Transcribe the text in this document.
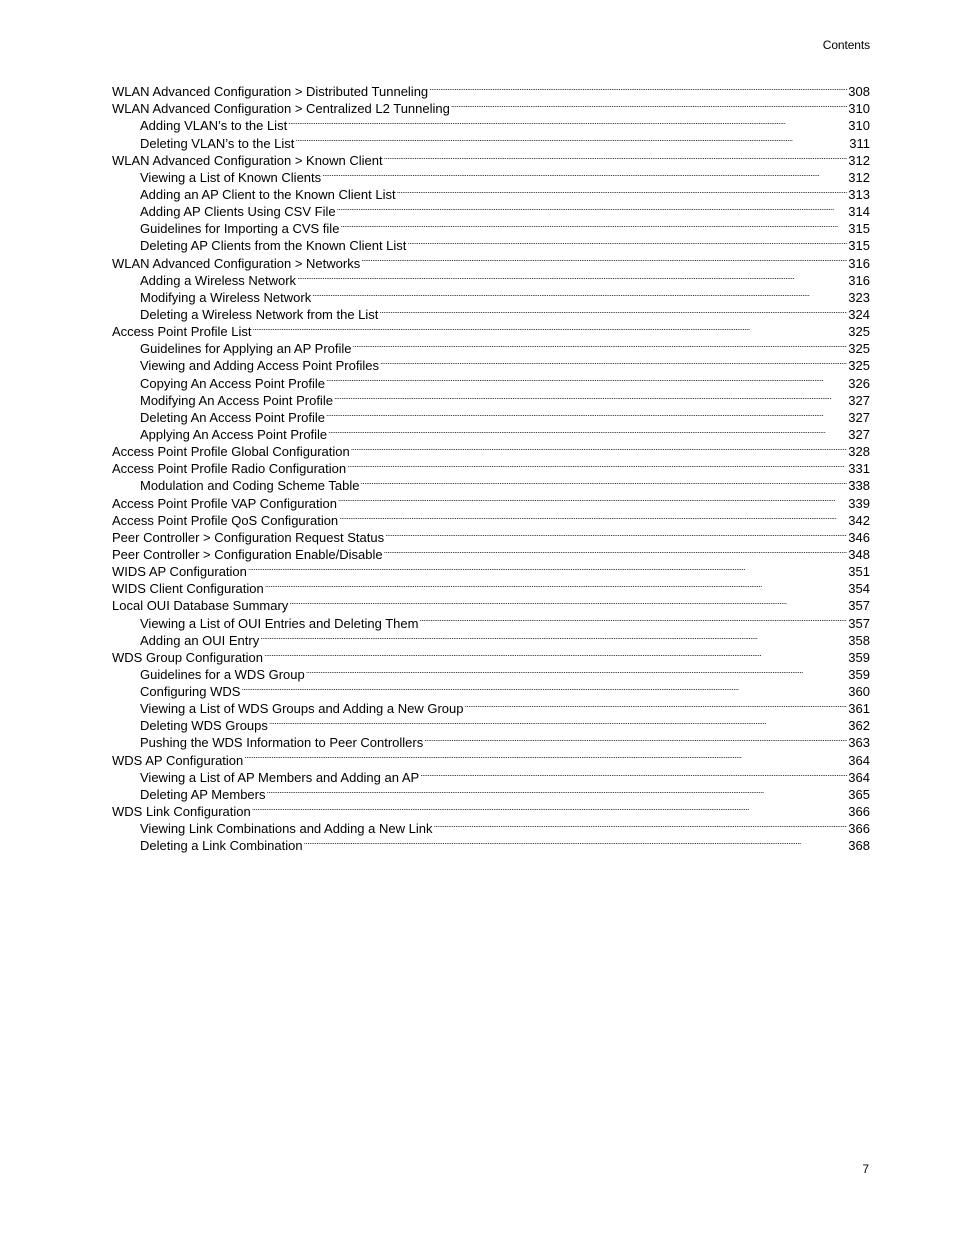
Contents
WLAN Advanced Configuration > Distributed Tunneling . . .	308
WLAN Advanced Configuration > Centralized L2 Tunneling . . .	310
Adding VLAN’s to the List . . .	310
Deleting VLAN’s to the List . . .	311
WLAN Advanced Configuration > Known Client . . .	312
Viewing a List of Known Clients . . .	312
Adding an AP Client to the Known Client List . . .	313
Adding AP Clients Using CSV File . . .	314
Guidelines for Importing a CVS file . . .	315
Deleting AP Clients from the Known Client List . . .	315
WLAN Advanced Configuration > Networks . . .	316
Adding a Wireless Network . . .	316
Modifying a Wireless Network . . .	323
Deleting a Wireless Network from the List . . .	324
Access Point Profile List . . .	325
Guidelines for Applying an AP Profile . . .	325
Viewing and Adding Access Point Profiles . . .	325
Copying An Access Point Profile . . .	326
Modifying An Access Point Profile . . .	327
Deleting An Access Point Profile . . .	327
Applying An Access Point Profile . . .	327
Access Point Profile Global Configuration . . .	328
Access Point Profile Radio Configuration . . .	331
Modulation and Coding Scheme Table . . .	338
Access Point Profile VAP Configuration . . .	339
Access Point Profile QoS Configuration . . .	342
Peer Controller > Configuration Request Status . . .	346
Peer Controller > Configuration Enable/Disable . . .	348
WIDS AP Configuration . . .	351
WIDS Client Configuration . . .	354
Local OUI Database Summary . . .	357
Viewing a List of OUI Entries and Deleting Them . . .	357
Adding an OUI Entry . . .	358
WDS Group Configuration . . .	359
Guidelines for a WDS Group . . .	359
Configuring WDS . . .	360
Viewing a List of WDS Groups and Adding a New Group . . .	361
Deleting WDS Groups . . .	362
Pushing the WDS Information to Peer Controllers . . .	363
WDS AP Configuration . . .	364
Viewing a List of AP Members and Adding an AP . . .	364
Deleting AP Members . . .	365
WDS Link Configuration . . .	366
Viewing Link Combinations and Adding a New Link . . .	366
Deleting a Link Combination . . .	368
7
